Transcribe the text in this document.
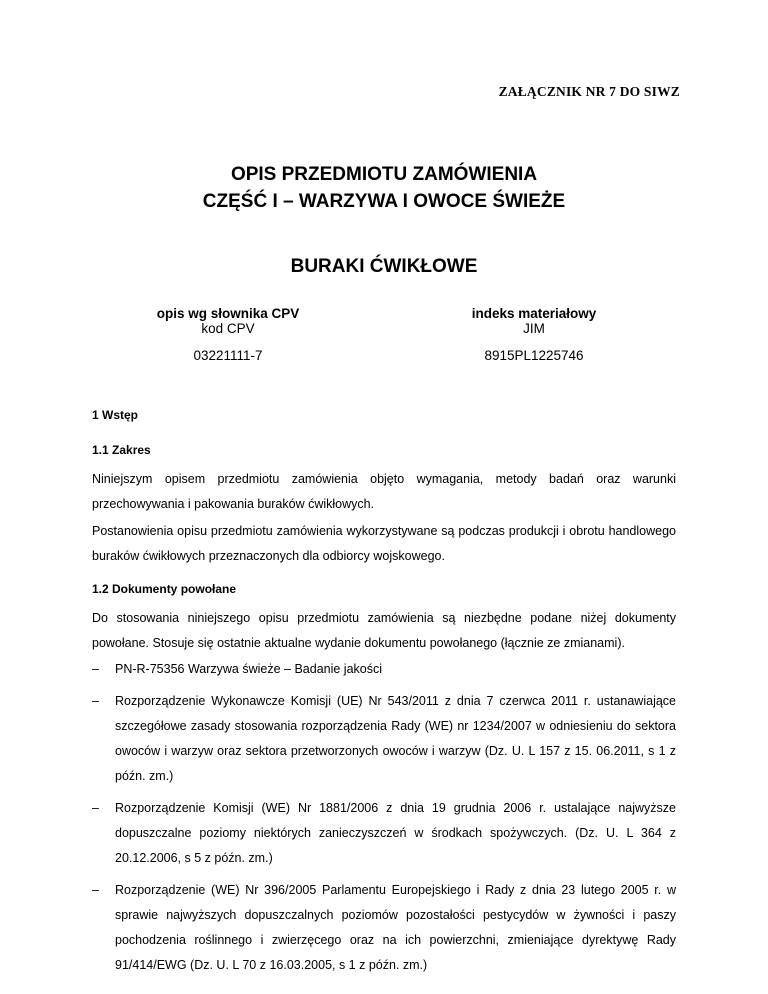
ZAŁĄCZNIK NR 7 DO SIWZ
OPIS PRZEDMIOTU ZAMÓWIENIA
CZĘŚĆ I – WARZYWA I OWOCE ŚWIEŻE
BURAKI ĆWIKŁOWE
opis wg słownika CPV
kod CPV
03221111-7
indeks materiałowy
JIM
8915PL1225746
1 Wstęp
1.1 Zakres
Niniejszym opisem przedmiotu zamówienia objęto wymagania, metody badań oraz warunki przechowywania i pakowania buraków ćwikłowych.
Postanowienia opisu przedmiotu zamówienia wykorzystywane są podczas produkcji i obrotu handlowego buraków ćwikłowych przeznaczonych dla odbiorcy wojskowego.
1.2 Dokumenty powołane
Do stosowania niniejszego opisu przedmiotu zamówienia są niezbędne podane niżej dokumenty powołane. Stosuje się ostatnie aktualne wydanie dokumentu powołanego (łącznie ze zmianami).
– PN-R-75356 Warzywa świeże – Badanie jakości
– Rozporządzenie Wykonawcze Komisji (UE) Nr 543/2011 z dnia 7 czerwca 2011 r. ustanawiające szczegółowe zasady stosowania rozporządzenia Rady (WE) nr 1234/2007 w odniesieniu do sektora owoców i warzyw oraz sektora przetworzonych owoców i warzyw (Dz. U. L 157 z 15. 06.2011, s 1 z późn. zm.)
– Rozporządzenie Komisji (WE) Nr 1881/2006 z dnia 19 grudnia 2006 r. ustalające najwyższe dopuszczalne poziomy niektórych zanieczyszczeń w środkach spożywczych. (Dz. U. L 364 z 20.12.2006, s 5 z późn. zm.)
– Rozporządzenie (WE) Nr 396/2005 Parlamentu Europejskiego i Rady z dnia 23 lutego 2005 r. w sprawie najwyższych dopuszczalnych poziomów pozostałości pestycydów w żywności i paszy pochodzenia roślinnego i zwierzęcego oraz na ich powierzchni, zmieniające dyrektywę Rady 91/414/EWG (Dz. U. L 70 z 16.03.2005, s 1 z późn. zm.)
